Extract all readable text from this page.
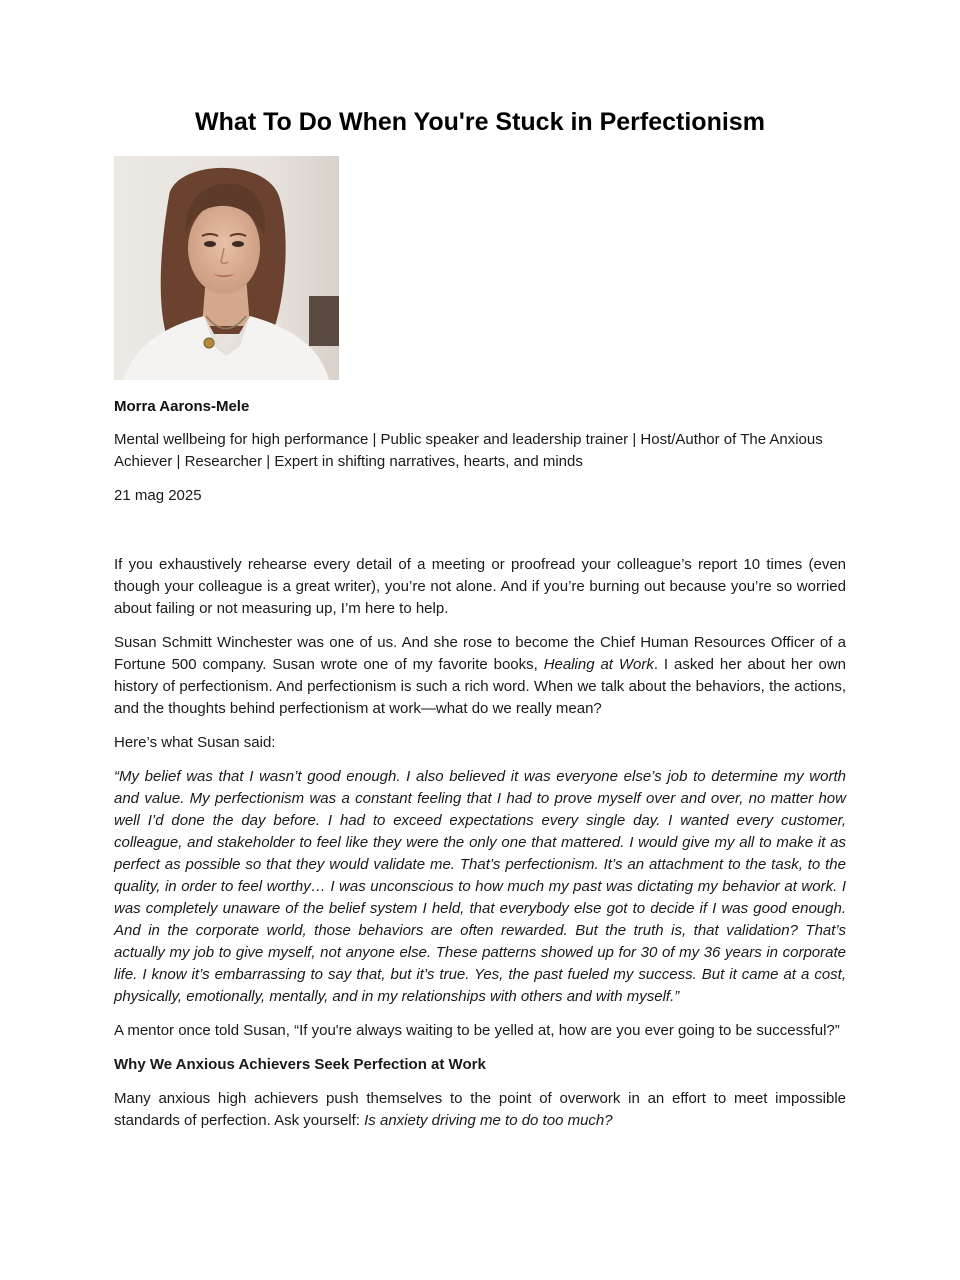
What To Do When You're Stuck in Perfectionism
Morra Aarons-Mele
Mental wellbeing for high performance | Public speaker and leadership trainer | Host/Author of The Anxious Achiever | Researcher | Expert in shifting narratives, hearts, and minds
21 mag 2025

If you exhaustively rehearse every detail of a meeting or proofread your colleague’s report 10 times (even though your colleague is a great writer), you’re not alone. And if you’re burning out because you’re so worried about failing or not measuring up, I’m here to help.

Susan Schmitt Winchester was one of us. And she rose to become the Chief Human Resources Officer of a Fortune 500 company. Susan wrote one of my favorite books, Healing at Work. I asked her about her own history of perfectionism. And perfectionism is such a rich word. When we talk about the behaviors, the actions, and the thoughts behind perfectionism at work—what do we really mean?

Here’s what Susan said:

“My belief was that I wasn’t good enough. I also believed it was everyone else’s job to determine my worth and value. My perfectionism was a constant feeling that I had to prove myself over and over, no matter how well I’d done the day before. I had to exceed expectations every single day. I wanted every customer, colleague, and stakeholder to feel like they were the only one that mattered. I would give my all to make it as perfect as possible so that they would validate me. That’s perfectionism. It’s an attachment to the task, to the quality, in order to feel worthy… I was unconscious to how much my past was dictating my behavior at work. I was completely unaware of the belief system I held, that everybody else got to decide if I was good enough. And in the corporate world, those behaviors are often rewarded. But the truth is, that validation? That’s actually my job to give myself, not anyone else. These patterns showed up for 30 of my 36 years in corporate life. I know it’s embarrassing to say that, but it’s true. Yes, the past fueled my success. But it came at a cost, physically, emotionally, mentally, and in my relationships with others and with myself.”

A mentor once told Susan, “If you're always waiting to be yelled at, how are you ever going to be successful?”

Why We Anxious Achievers Seek Perfection at Work

Many anxious high achievers push themselves to the point of overwork in an effort to meet impossible standards of perfection. Ask yourself: Is anxiety driving me to do too much?
